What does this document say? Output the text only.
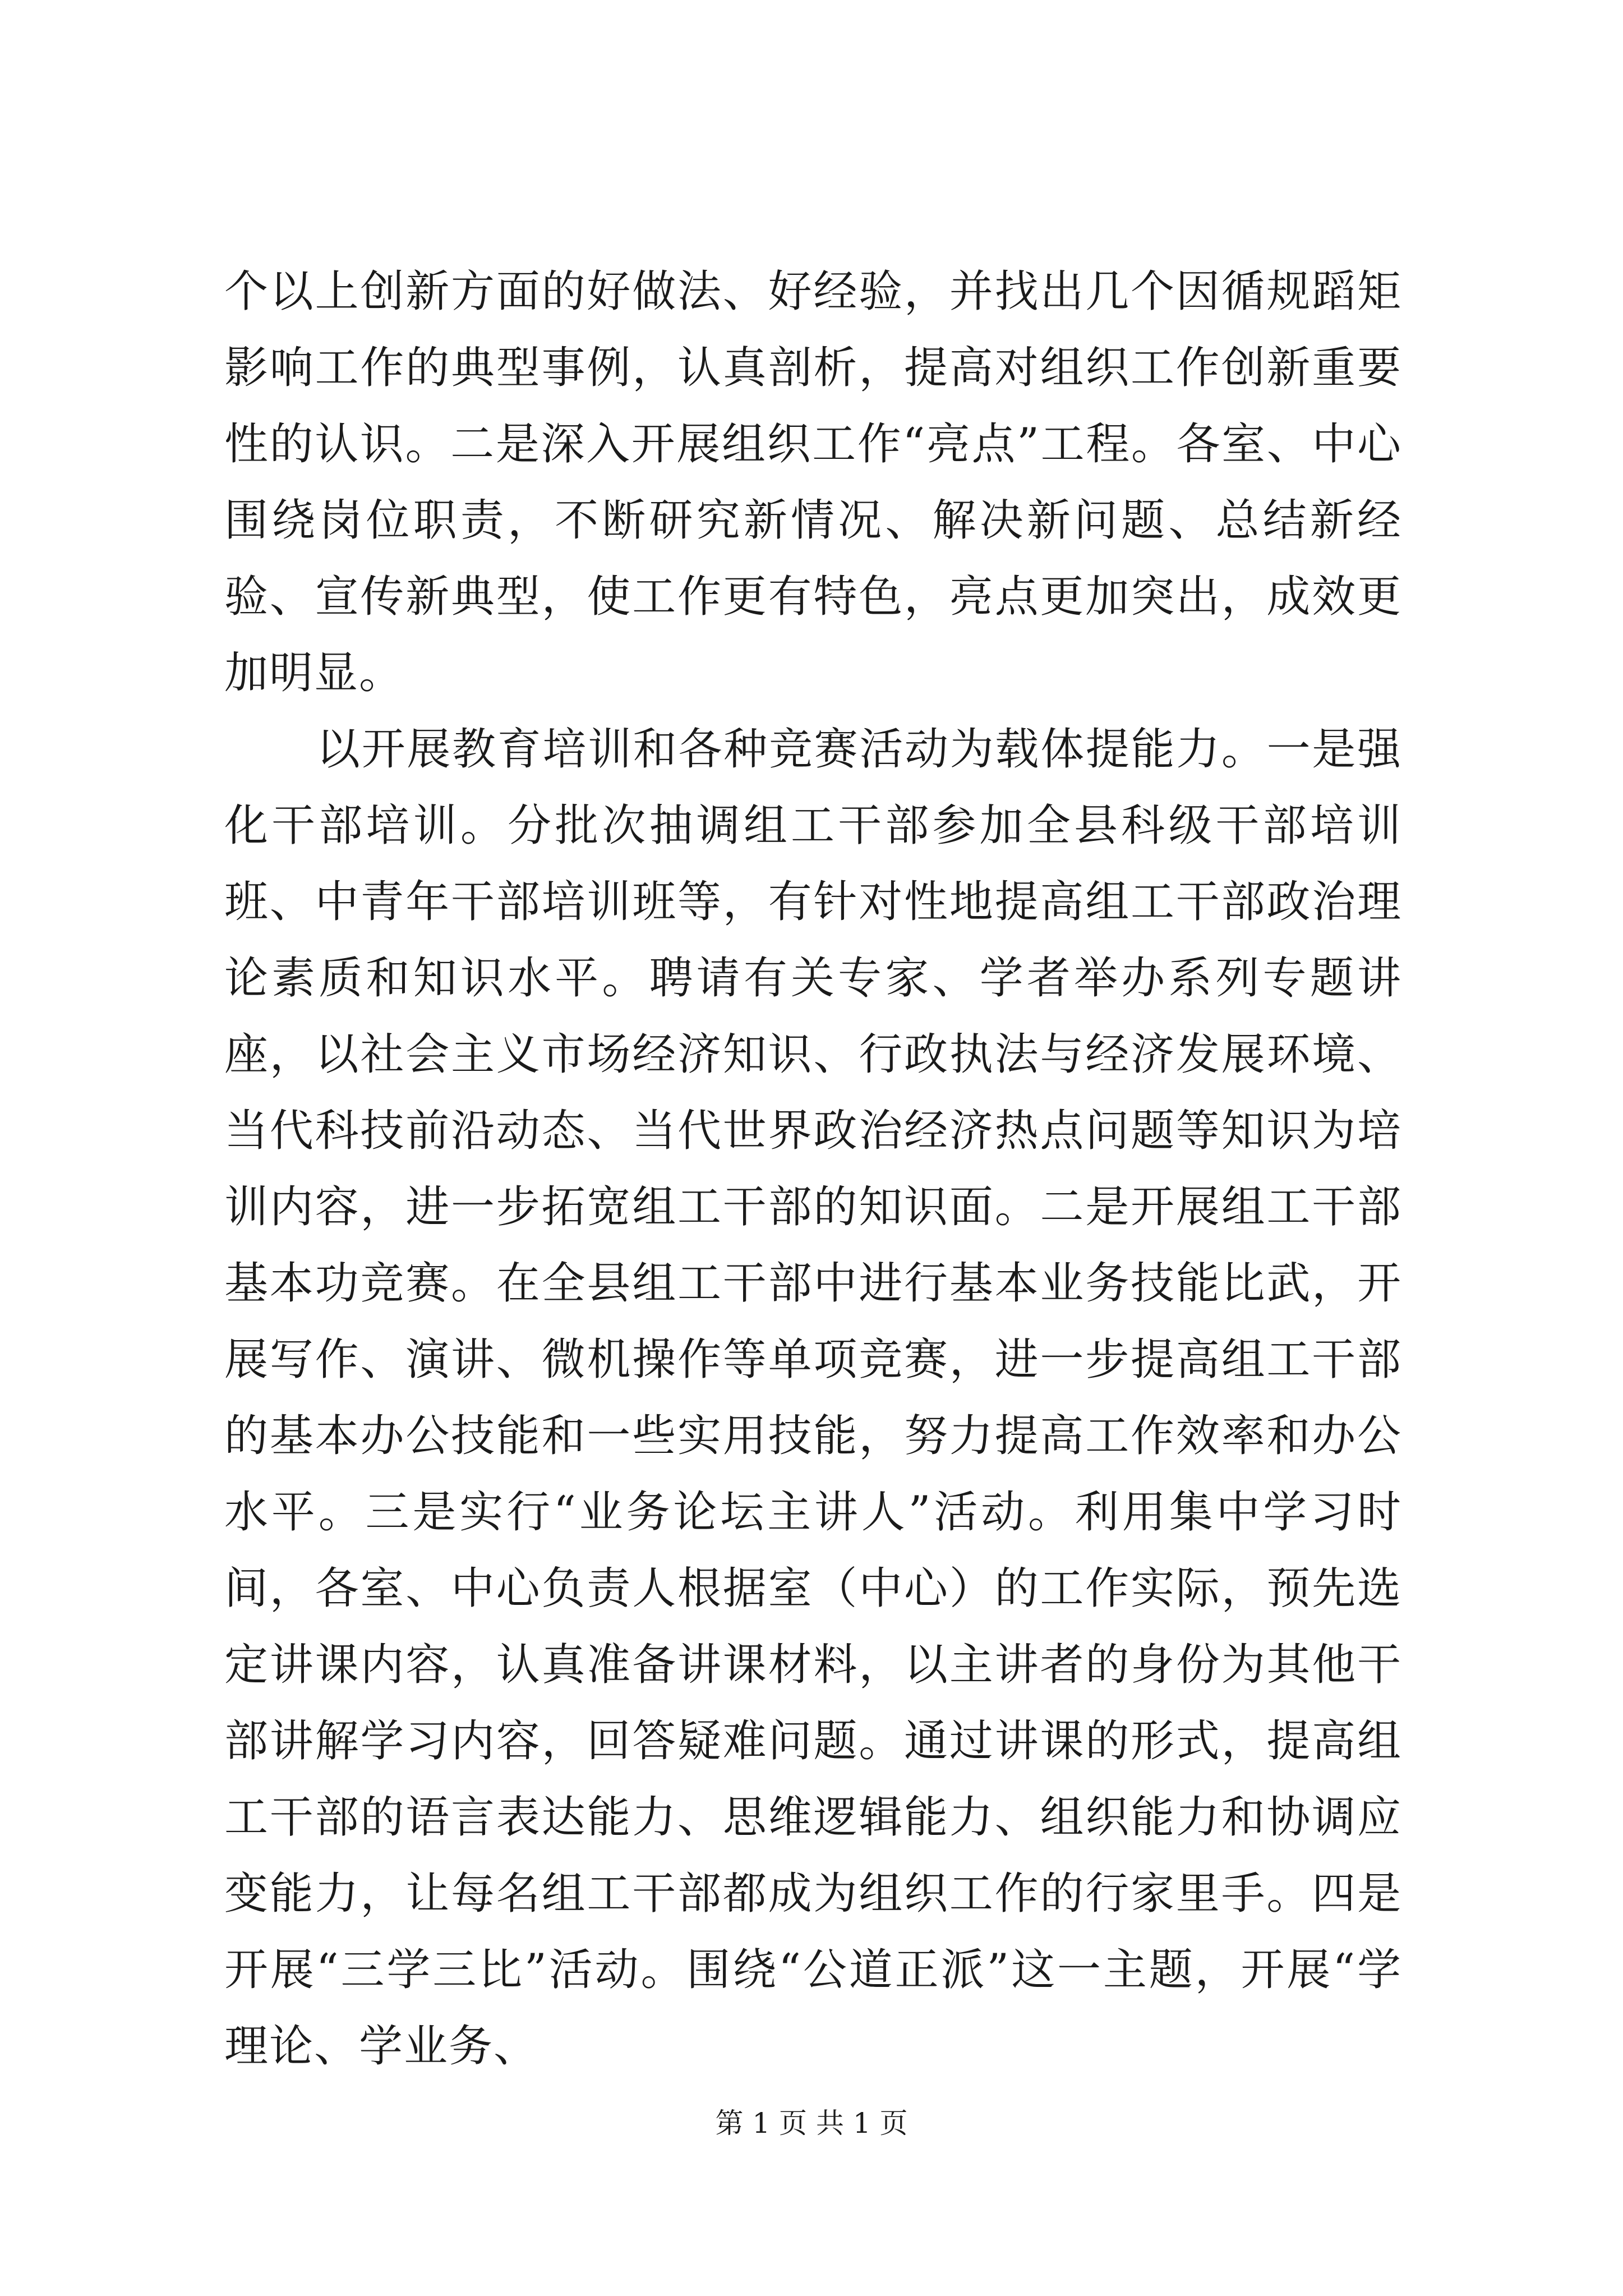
个以上创新方面的好做法、好经验，并找出几个因循规蹈矩影响工作的典型事例，认真剖析，提高对组织工作创新重要性的认识。二是深入开展组织工作“亮点”工程。各室、中心围绕岗位职责，不断研究新情况、解决新问题、总结新经验、宣传新典型，使工作更有特色，亮点更加突出，成效更加明显。

以开展教育培训和各种竞赛活动为载体提能力。一是强化干部培训。分批次抽调组工干部参加全县科级干部培训班、中青年干部培训班等，有针对性地提高组工干部政治理论素质和知识水平。聘请有关专家、学者举办系列专题讲座，以社会主义市场经济知识、行政执法与经济发展环境、当代科技前沿动态、当代世界政治经济热点问题等知识为培训内容，进一步拓宽组工干部的知识面。二是开展组工干部基本功竞赛。在全县组工干部中进行基本业务技能比武，开展写作、演讲、微机操作等单项竞赛，进一步提高组工干部的基本办公技能和一些实用技能，努力提高工作效率和办公水平。三是实行“业务论坛主讲人”活动。利用集中学习时间，各室、中心负责人根据室（中心）的工作实际，预先选定讲课内容，认真准备讲课材料，以主讲者的身份为其他干部讲解学习内容，回答疑难问题。通过讲课的形式，提高组工干部的语言表达能力、思维逻辑能力、组织能力和协调应变能力，让每名组工干部都成为组织工作的行家里手。四是开展“三学三比”活动。围绕“公道正派”这一主题，开展“学理论、学业务、

第 1 页 共 1 页
